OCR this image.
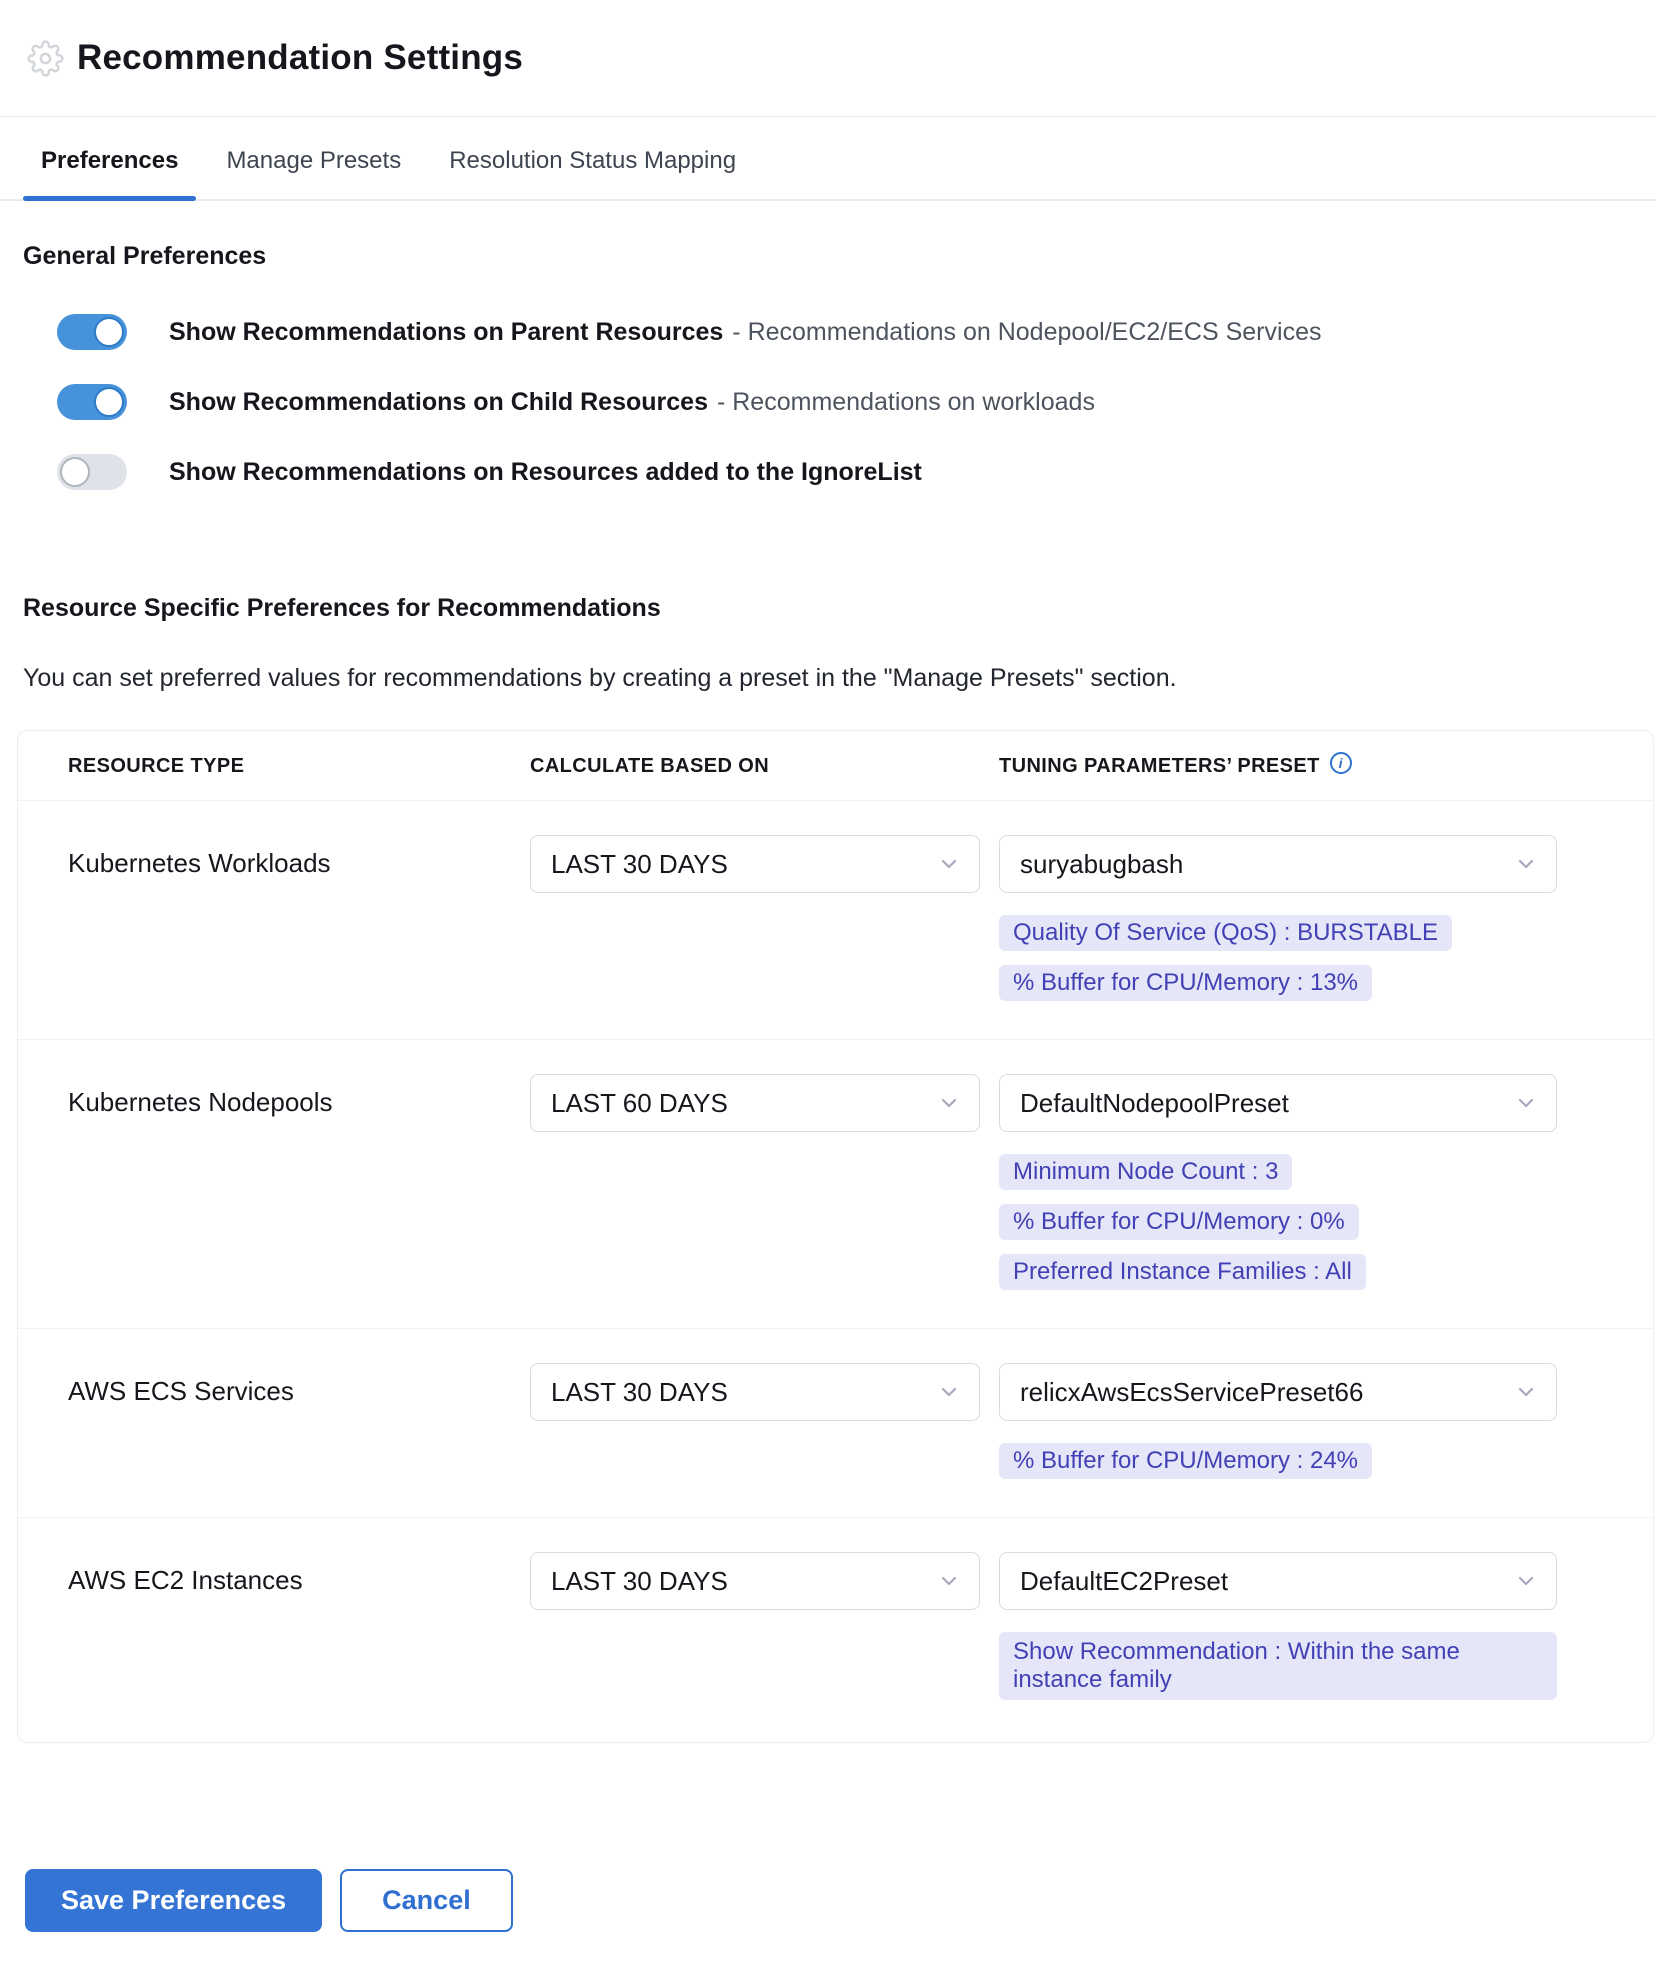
Recommendation Settings
Preferences	Manage Presets	Resolution Status Mapping
General Preferences
Show Recommendations on Parent Resources - Recommendations on Nodepool/EC2/ECS Services
Show Recommendations on Child Resources - Recommendations on workloads
Show Recommendations on Resources added to the IgnoreList
Resource Specific Preferences for Recommendations

You can set preferred values for recommendations by creating a preset in the "Manage Presets" section.

RESOURCE TYPE	CALCULATE BASED ON	TUNING PARAMETERS’ PRESET	i
Kubernetes Workloads	LAST 30 DAYS	suryabugbash
Quality Of Service (QoS) : BURSTABLE
% Buffer for CPU/Memory : 13%
Kubernetes Nodepools	LAST 60 DAYS	DefaultNodepoolPreset
Minimum Node Count : 3
% Buffer for CPU/Memory : 0%
Preferred Instance Families : All
AWS ECS Services	LAST 30 DAYS	relicxAwsEcsServicePreset66
% Buffer for CPU/Memory : 24%
AWS EC2 Instances	LAST 30 DAYS	DefaultEC2Preset
Show Recommendation : Within the same instance family
Save Preferences	Cancel
